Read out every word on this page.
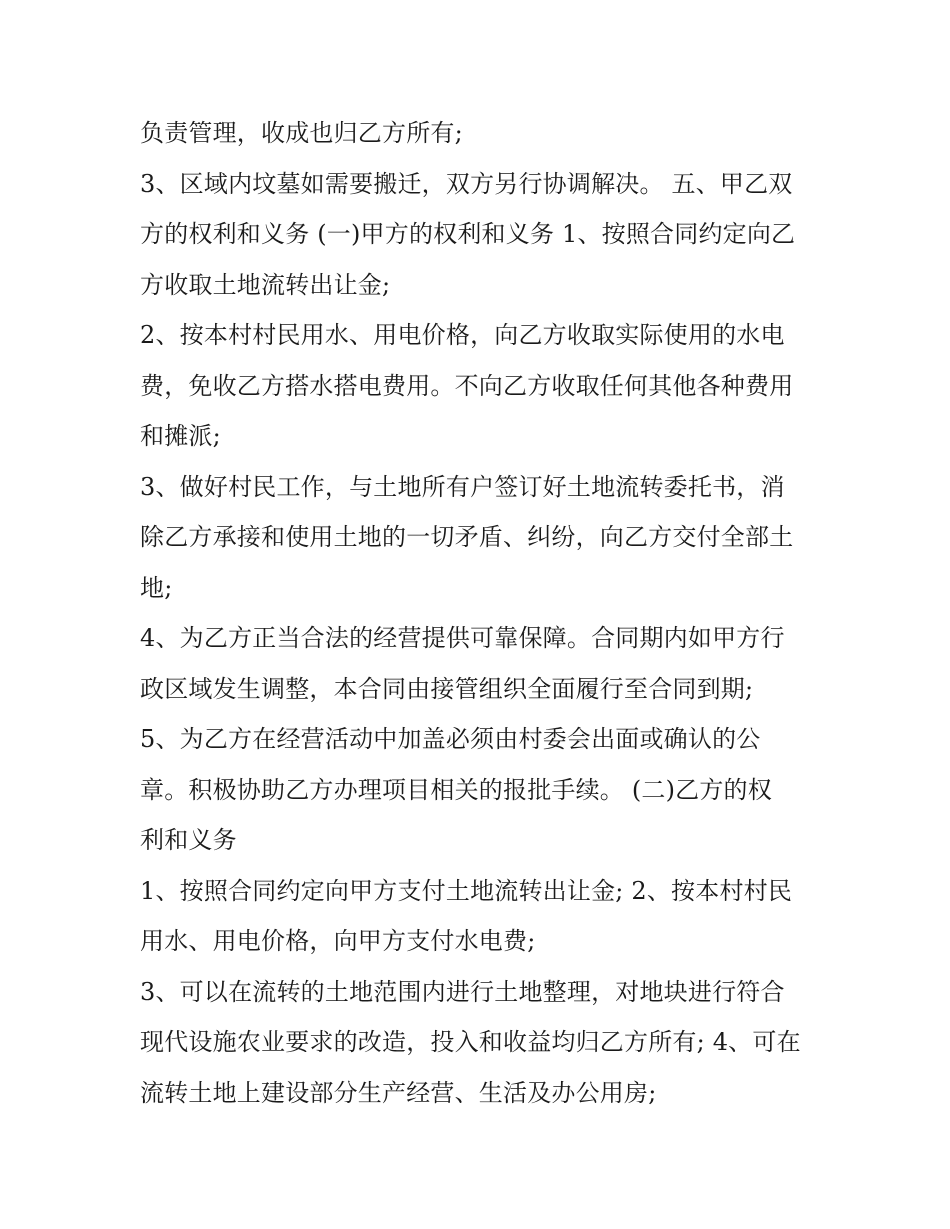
负责管理，收成也归乙方所有;
3、区域内坟墓如需要搬迁，双方另行协调解决。 五、甲乙双
方的权利和义务 (一)甲方的权利和义务 1、按照合同约定向乙
方收取土地流转出让金;
2、按本村村民用水、用电价格，向乙方收取实际使用的水电
费，免收乙方搭水搭电费用。不向乙方收取任何其他各种费用
和摊派;
3、做好村民工作，与土地所有户签订好土地流转委托书，消
除乙方承接和使用土地的一切矛盾、纠纷，向乙方交付全部土
地;
4、为乙方正当合法的经营提供可靠保障。合同期内如甲方行
政区域发生调整，本合同由接管组织全面履行至合同到期;
5、为乙方在经营活动中加盖必须由村委会出面或确认的公
章。积极协助乙方办理项目相关的报批手续。 (二)乙方的权
利和义务
1、按照合同约定向甲方支付土地流转出让金; 2、按本村村民
用水、用电价格，向甲方支付水电费;
3、可以在流转的土地范围内进行土地整理，对地块进行符合
现代设施农业要求的改造，投入和收益均归乙方所有; 4、可在
流转土地上建设部分生产经营、生活及办公用房;
